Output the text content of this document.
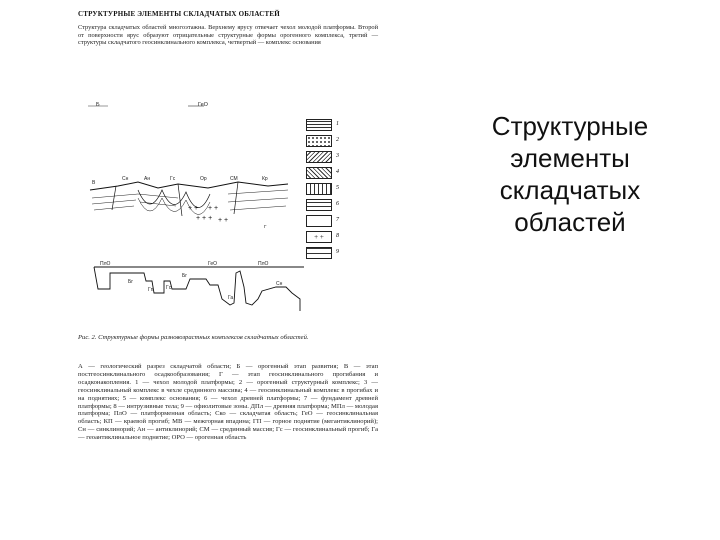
СТРУКТУРНЫЕ ЭЛЕМЕНТЫ СКЛАДЧАТЫХ ОБЛАСТЕЙ
Структура складчатых областей многоэтажна. Верхнему ярусу отвечает чехол молодой платформы. Второй от поверхности ярус образуют отрицательные структурные формы орогенного комплекса, третий — структуры складчатого геосинклинального комплекса, четвертый — комплекс основания
+ +
+ + +
+ +
+ +
В
Сн	Ан	Гс	Ор	СМ	Кр
Г
ПлО
Бг
ГеО	ПлО
Бг
Гп	Гс
Га
Сн
Б	ГеО
1
2
3
4
5
6
7
+ +	8
9
Рис. 2. Структурные формы разновозрастных комплексов складчатых областей.
А — геологический разрез складчатой области; Б — орогенный этап развития; В — этап постгеосинклинального осадкообразования; Г — этап геосинклинального прогибания и осадконакопления. 1 — чехол молодой платформы; 2 — орогенный структурный комплекс; 3 — геосинклинальный комплекс в чехле срединного массива; 4 — геосинклинальный комплекс в прогибах и на поднятиях; 5 — комплекс основания; 6 — чехол древней платформы; 7 — фундамент древней платформы; 8 — интрузивные тела; 9 — офиолитовые зоны. ДПл — древняя платформа; МПл — молодая платформа; ПлО — платформенная область; Ско — складчатая область; ГеО — геосинклинальная область; КП — краевой прогиб; МВ — межгорная впадина; ГП — горное поднятие (мегантиклинорий); Сн — синклинорий; Ан — антиклинорий; СМ — срединный массив; Гс — геосинклинальный прогиб; Га — геоантиклинальное поднятие; ОРО — орогенная область
Структурные
элементы
складчатых
областей
